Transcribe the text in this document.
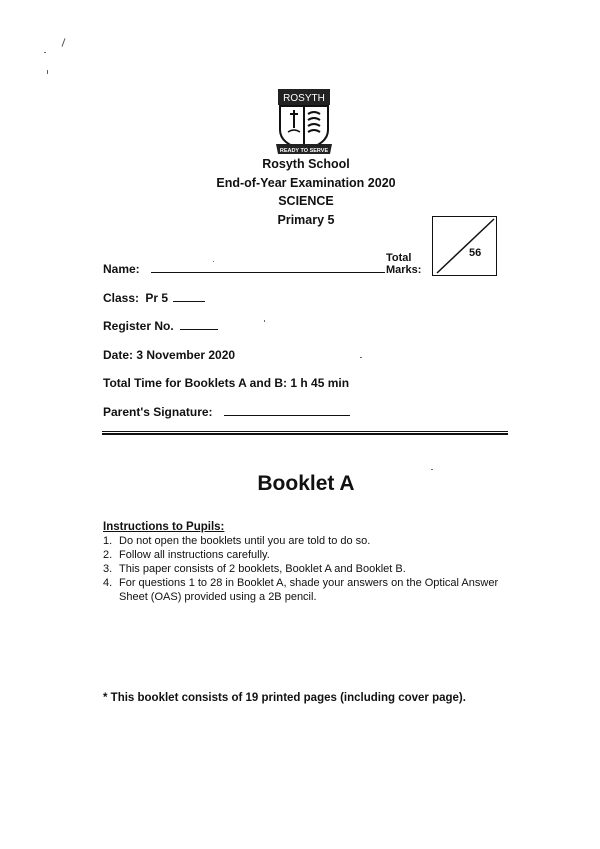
ROSYTH
READY TO SERVE
Rosyth School
End-of-Year Examination 2020
SCIENCE
Primary 5
Total
Marks:
56
Name:
Class: Pr 5
Register No.
Date: 3 November 2020
Total Time for Booklets A and B: 1 h 45 min
Parent's Signature:
Booklet A
Instructions to Pupils:
1. Do not open the booklets until you are told to do so.
2. Follow all instructions carefully.
3. This paper consists of 2 booklets, Booklet A and Booklet B.
4. For questions 1 to 28 in Booklet A, shade your answers on the Optical Answer Sheet (OAS) provided using a 2B pencil.
* This booklet consists of 19 printed pages (including cover page).
